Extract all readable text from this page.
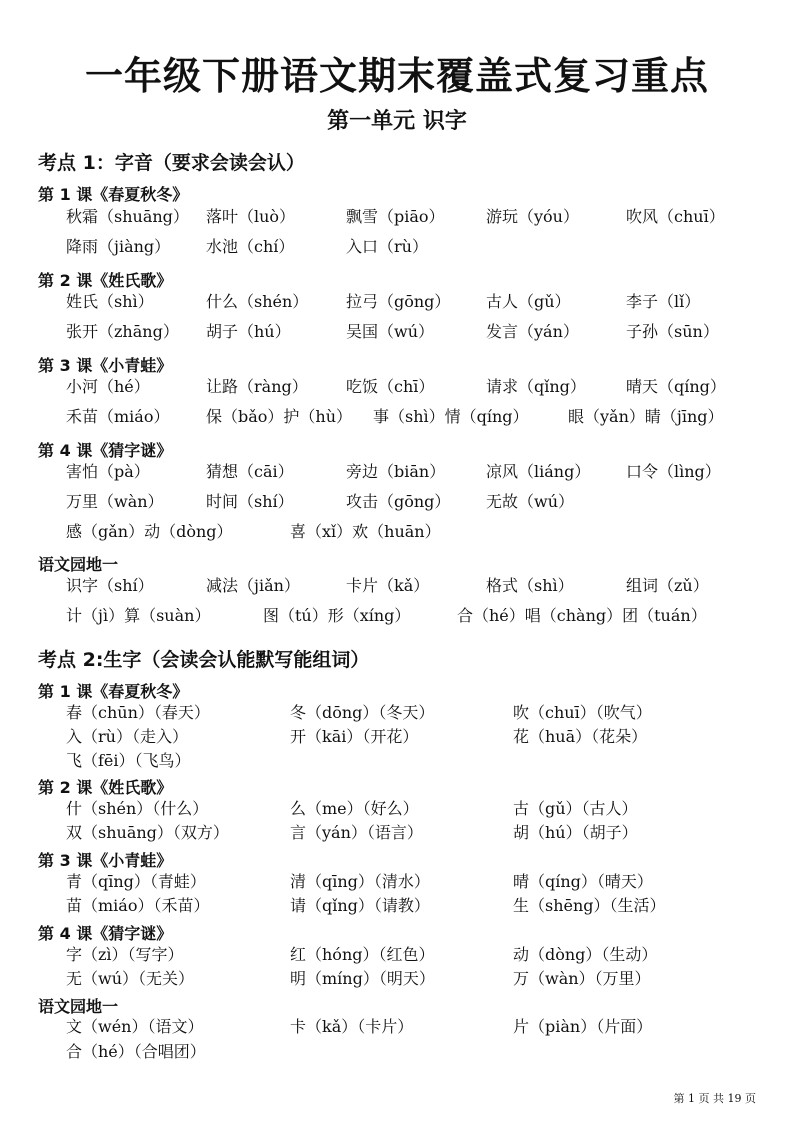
一年级下册语文期末覆盖式复习重点
第一单元 识字
考点 1：字音（要求会读会认）
第 1 课《春夏秋冬》
秋霜（shuāng） 落叶（luò）	飘雪（piāo）	游玩（yóu）	吹风（chuī）
降雨（jiàng） 水池（chí）	入口（rù）
第 2 课《姓氏歌》
姓氏（shì）	什么（shén） 拉弓（gōng） 古人（gǔ）	李子（lǐ）
张开（zhāng） 胡子（hú）	吴国（wú）	发言（yán）	子孙（sūn）
第 3 课《小青蛙》
小河（hé）	让路（ràng） 吃饭（chī）	请求（qǐng）	晴天（qíng）
禾苗（miáo） 保（bǎo）护（hù） 事（shì）情（qíng） 眼（yǎn）睛（jīng）
第 4 课《猜字谜》
害怕（pà）	猜想（cāi）	旁边（biān）	凉风（liáng） 口令（lìng）
万里（wàn）	时间（shí）	攻击（gōng） 无故（wú）
感（gǎn）动（dòng）	喜（xǐ）欢（huān）
语文园地一
识字（shí）	减法（jiǎn）	卡片（kǎ）	格式（shì）	组词（zǔ）
计（jì）算（suàn）	图（tú）形（xíng）	合（hé）唱（chàng）团（tuán）
考点 2:生字（会读会认能默写能组词）
第 1 课《春夏秋冬》
春（chūn）（春天）	冬（dōng）（冬天）	吹（chuī）（吹气）
入（rù）（走入）	开（kāi）（开花）	花（huā）（花朵）
飞（fēi）（飞鸟）
第 2 课《姓氏歌》
什（shén）（什么）	么（me）（好么）	古（gǔ）（古人）
双（shuāng）（双方）	言（yán）（语言）	胡（hú）（胡子）
第 3 课《小青蛙》
青（qīng）（青蛙）	清（qīng）（清水）	晴（qíng）（晴天）
苗（miáo）（禾苗）	请（qǐng）（请教）	生（shēng）（生活）
第 4 课《猜字谜》
字（zì）（写字）	红（hóng）（红色）	动（dòng）（生动）
无（wú）（无关）	明（míng）（明天）	万（wàn）（万里）
语文园地一
文（wén）（语文）	卡（kǎ）（卡片）	片（piàn）（片面）
合（hé）（合唱团）
第 1 页 共 19 页
